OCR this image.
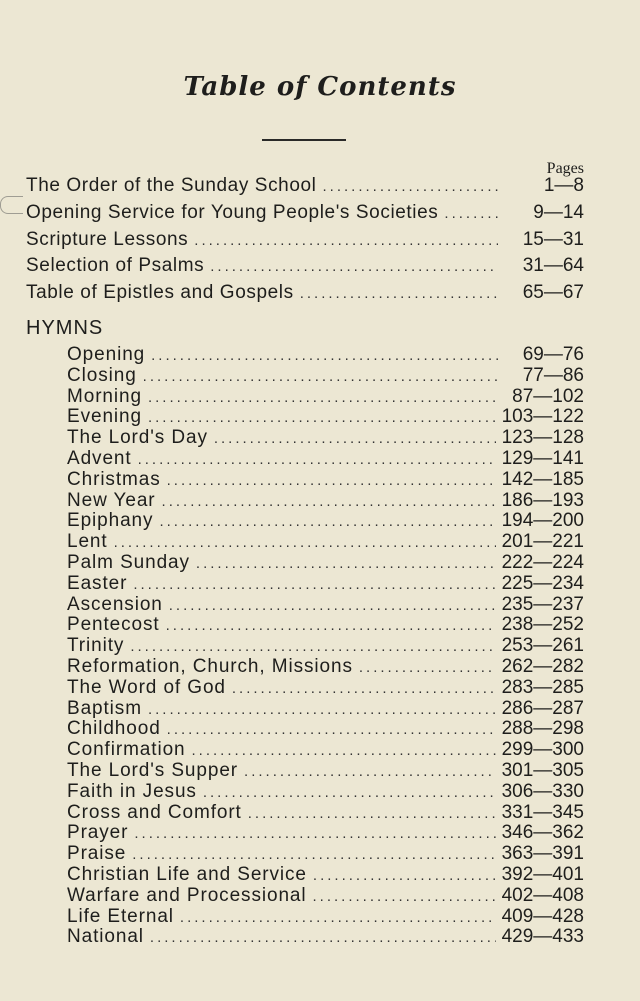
Table of Contents
Pages
The Order of the Sunday School .....	1—8
Opening Service for Young People's Societies .....	9—14
Scripture Lessons .....	15—31
Selection of Psalms .....	31—64
Table of Epistles and Gospels .....	65—67
HYMNS
Opening .....	69—76
Closing .....	77—86
Morning .....	87—102
Evening .....	103—122
The Lord's Day .....	123—128
Advent .....	129—141
Christmas .....	142—185
New Year .....	186—193
Epiphany .....	194—200
Lent .....	201—221
Palm Sunday .....	222—224
Easter .....	225—234
Ascension .....	235—237
Pentecost .....	238—252
Trinity .....	253—261
Reformation, Church, Missions .....	262—282
The Word of God .....	283—285
Baptism .....	286—287
Childhood .....	288—298
Confirmation .....	299—300
The Lord's Supper .....	301—305
Faith in Jesus .....	306—330
Cross and Comfort .....	331—345
Prayer .....	346—362
Praise .....	363—391
Christian Life and Service .....	392—401
Warfare and Processional .....	402—408
Life Eternal .....	409—428
National .....	429—433
